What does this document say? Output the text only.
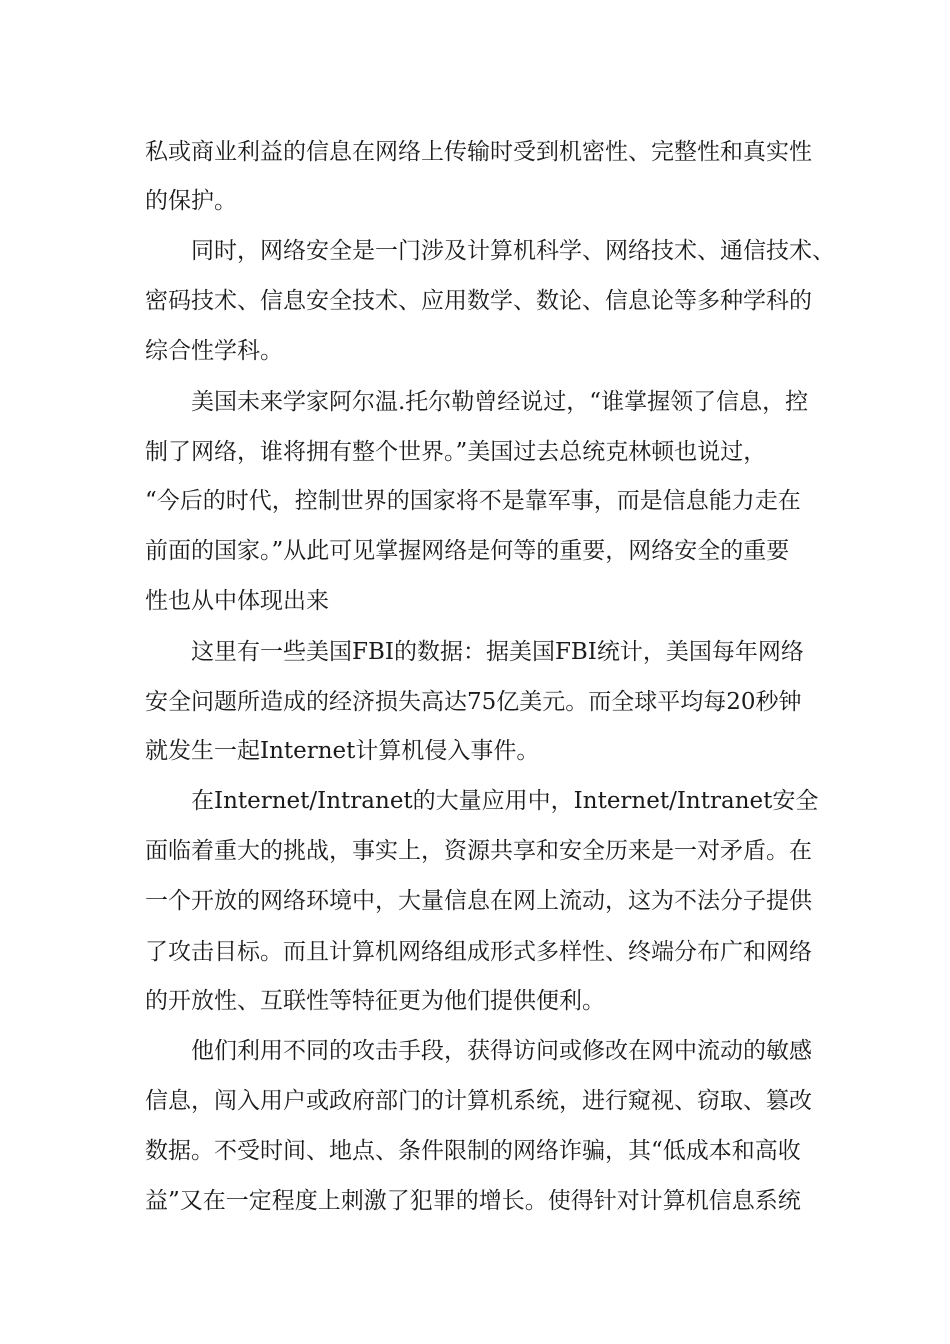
私或商业利益的信息在网络上传输时受到机密性、完整性和真实性
的保护。
同时，网络安全是一门涉及计算机科学、网络技术、通信技术、
密码技术、信息安全技术、应用数学、数论、信息论等多种学科的
综合性学科。
美国未来学家阿尔温.托尔勒曾经说过，“谁掌握领了信息，控
制了网络，谁将拥有整个世界。”美国过去总统克林顿也说过，
“今后的时代，控制世界的国家将不是靠军事，而是信息能力走在
前面的国家。”从此可见掌握网络是何等的重要，网络安全的重要
性也从中体现出来
这里有一些美国FBI的数据：据美国FBI统计，美国每年网络
安全问题所造成的经济损失高达75亿美元。而全球平均每20秒钟
就发生一起Internet计算机侵入事件。
在Internet/Intranet的大量应用中，Internet/Intranet安全
面临着重大的挑战，事实上，资源共享和安全历来是一对矛盾。在
一个开放的网络环境中，大量信息在网上流动，这为不法分子提供
了攻击目标。而且计算机网络组成形式多样性、终端分布广和网络
的开放性、互联性等特征更为他们提供便利。
他们利用不同的攻击手段，获得访问或修改在网中流动的敏感
信息，闯入用户或政府部门的计算机系统，进行窥视、窃取、篡改
数据。不受时间、地点、条件限制的网络诈骗，其“低成本和高收
益”又在一定程度上刺激了犯罪的增长。使得针对计算机信息系统
